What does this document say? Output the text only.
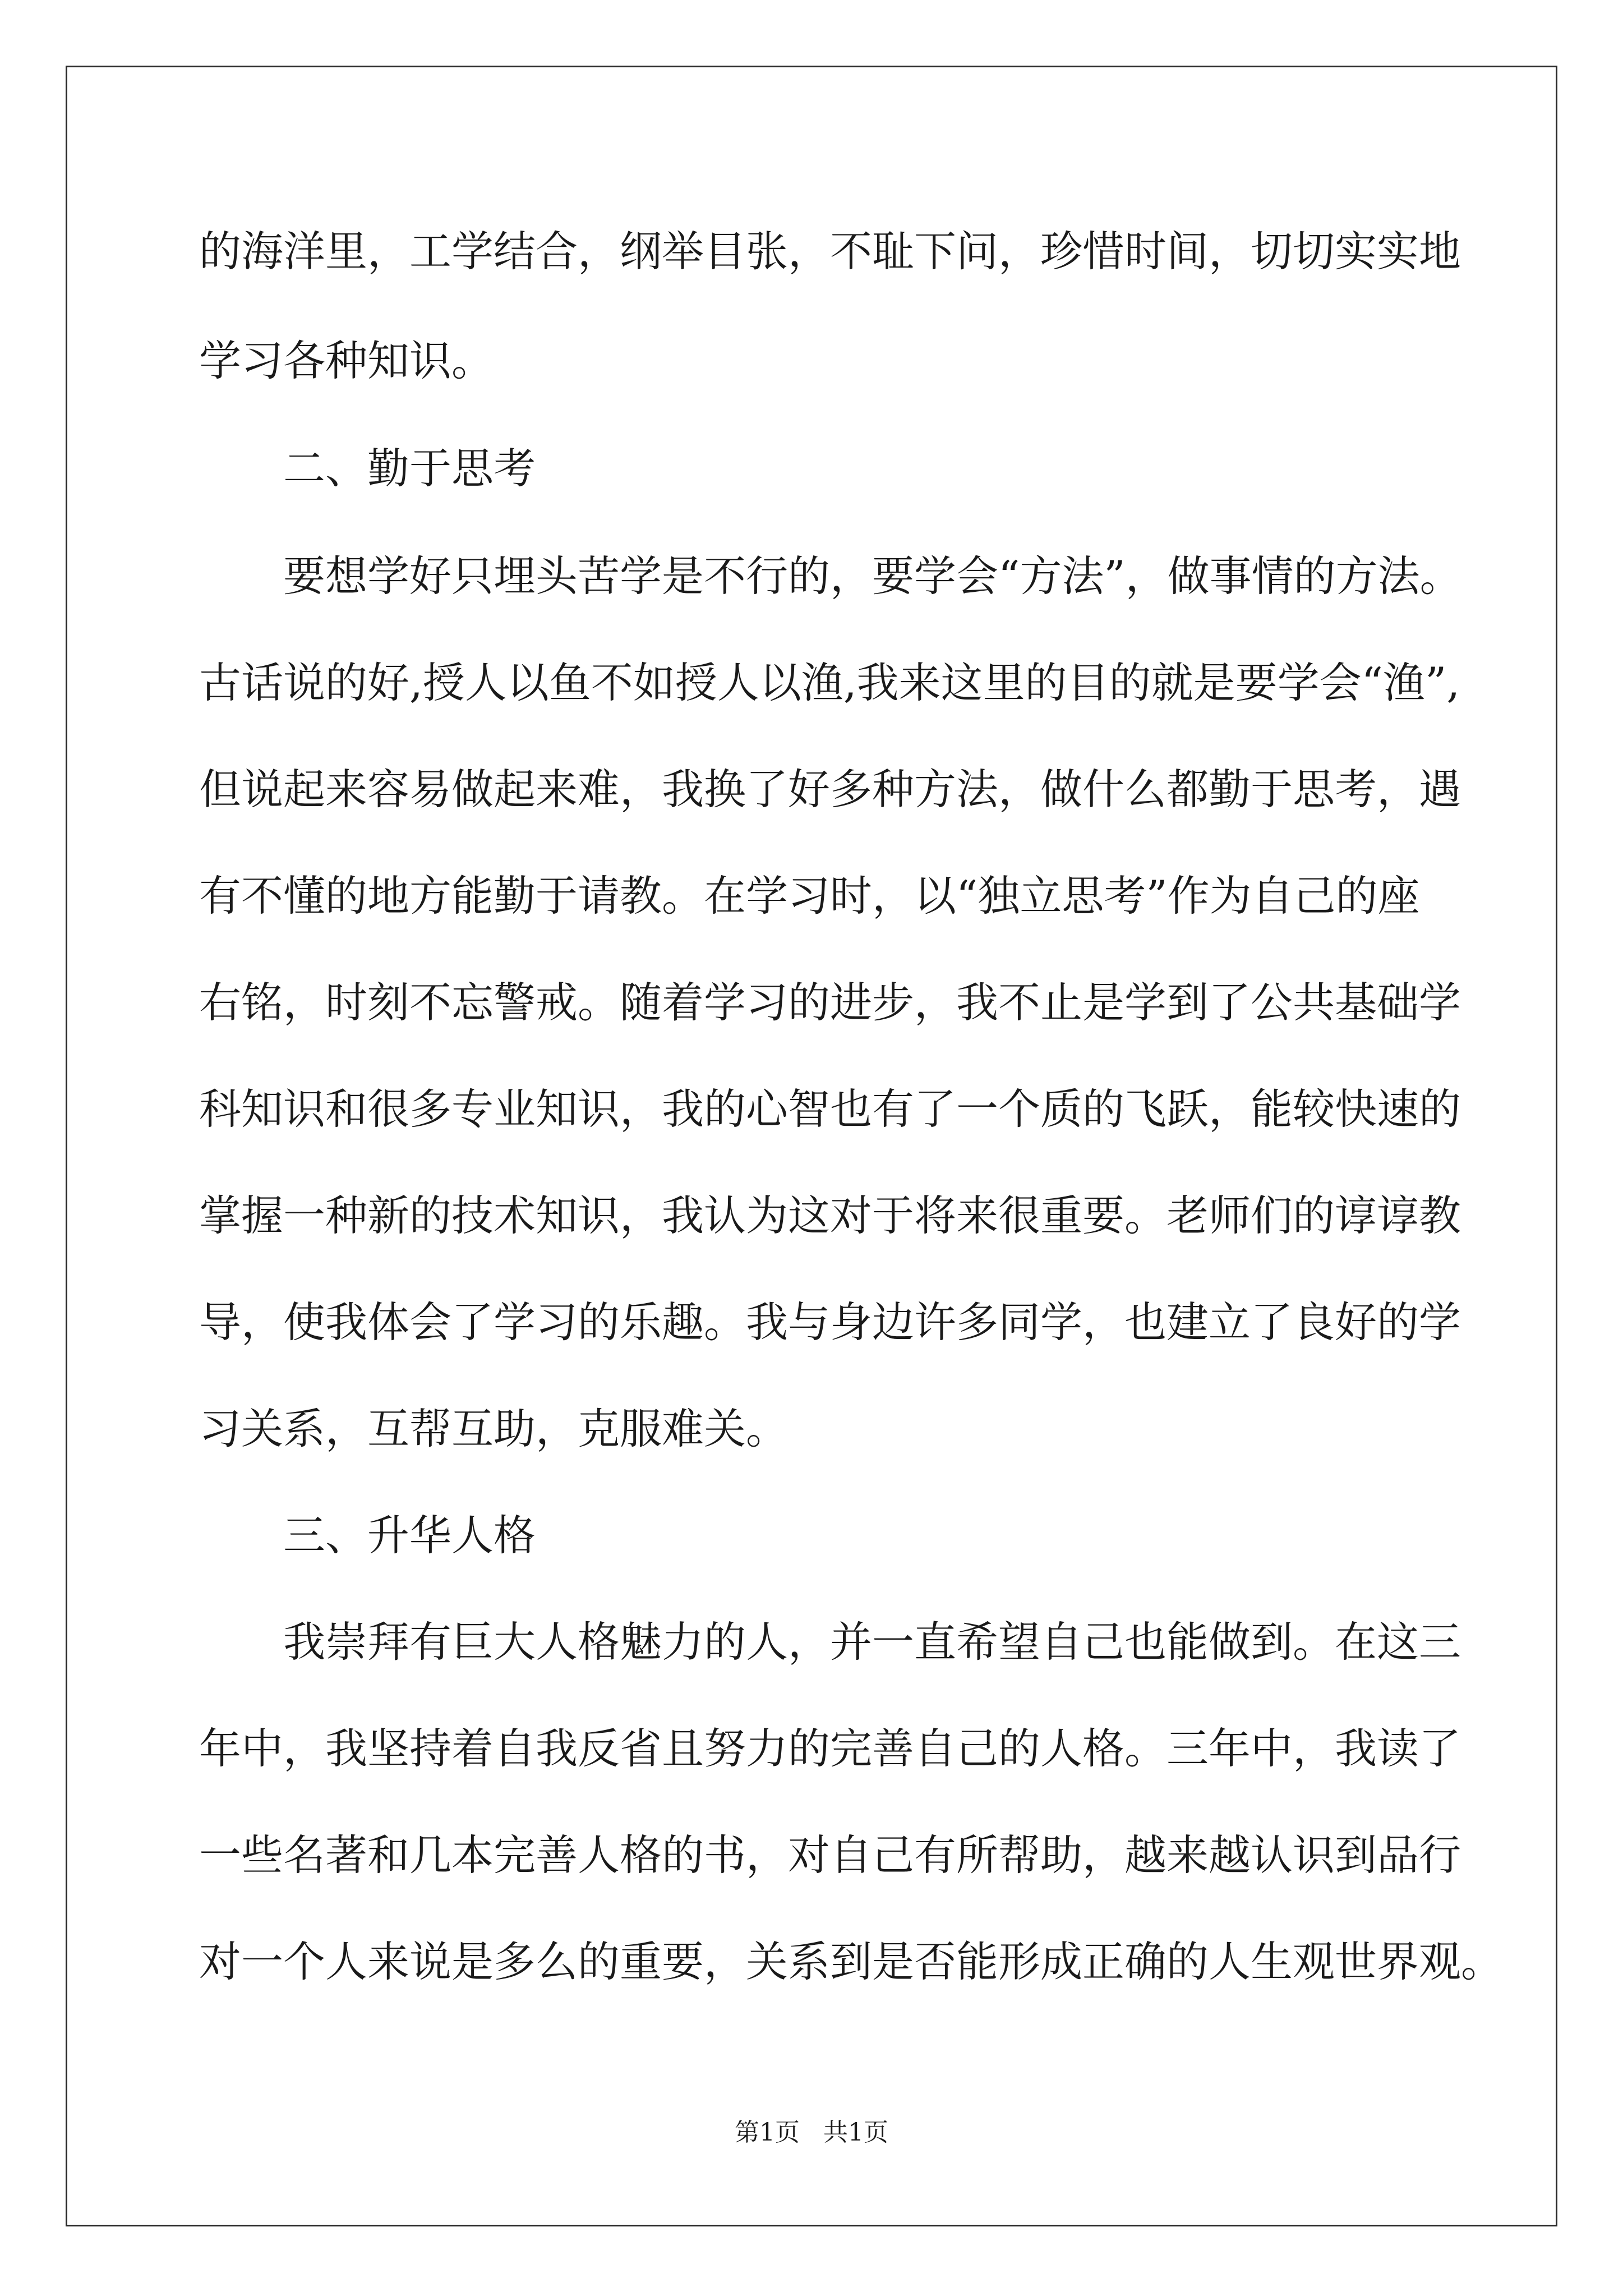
的海洋里，工学结合，纲举目张，不耻下问，珍惜时间，切切实实地

学习各种知识。

二、勤于思考

要想学好只埋头苦学是不行的，要学会“方法”，做事情的方法。

古话说的好,授人以鱼不如授人以渔,我来这里的目的就是要学会“渔”,

但说起来容易做起来难，我换了好多种方法，做什么都勤于思考，遇

有不懂的地方能勤于请教。在学习时，以“独立思考”作为自己的座

右铭，时刻不忘警戒。随着学习的进步，我不止是学到了公共基础学

科知识和很多专业知识，我的心智也有了一个质的飞跃，能较快速的

掌握一种新的技术知识，我认为这对于将来很重要。老师们的谆谆教

导，使我体会了学习的乐趣。我与身边许多同学，也建立了良好的学

习关系，互帮互助，克服难关。

三、升华人格

我崇拜有巨大人格魅力的人，并一直希望自己也能做到。在这三

年中，我坚持着自我反省且努力的完善自己的人格。三年中，我读了

一些名著和几本完善人格的书，对自己有所帮助，越来越认识到品行

对一个人来说是多么的重要，关系到是否能形成正确的人生观世界观。

第1页   共1页
